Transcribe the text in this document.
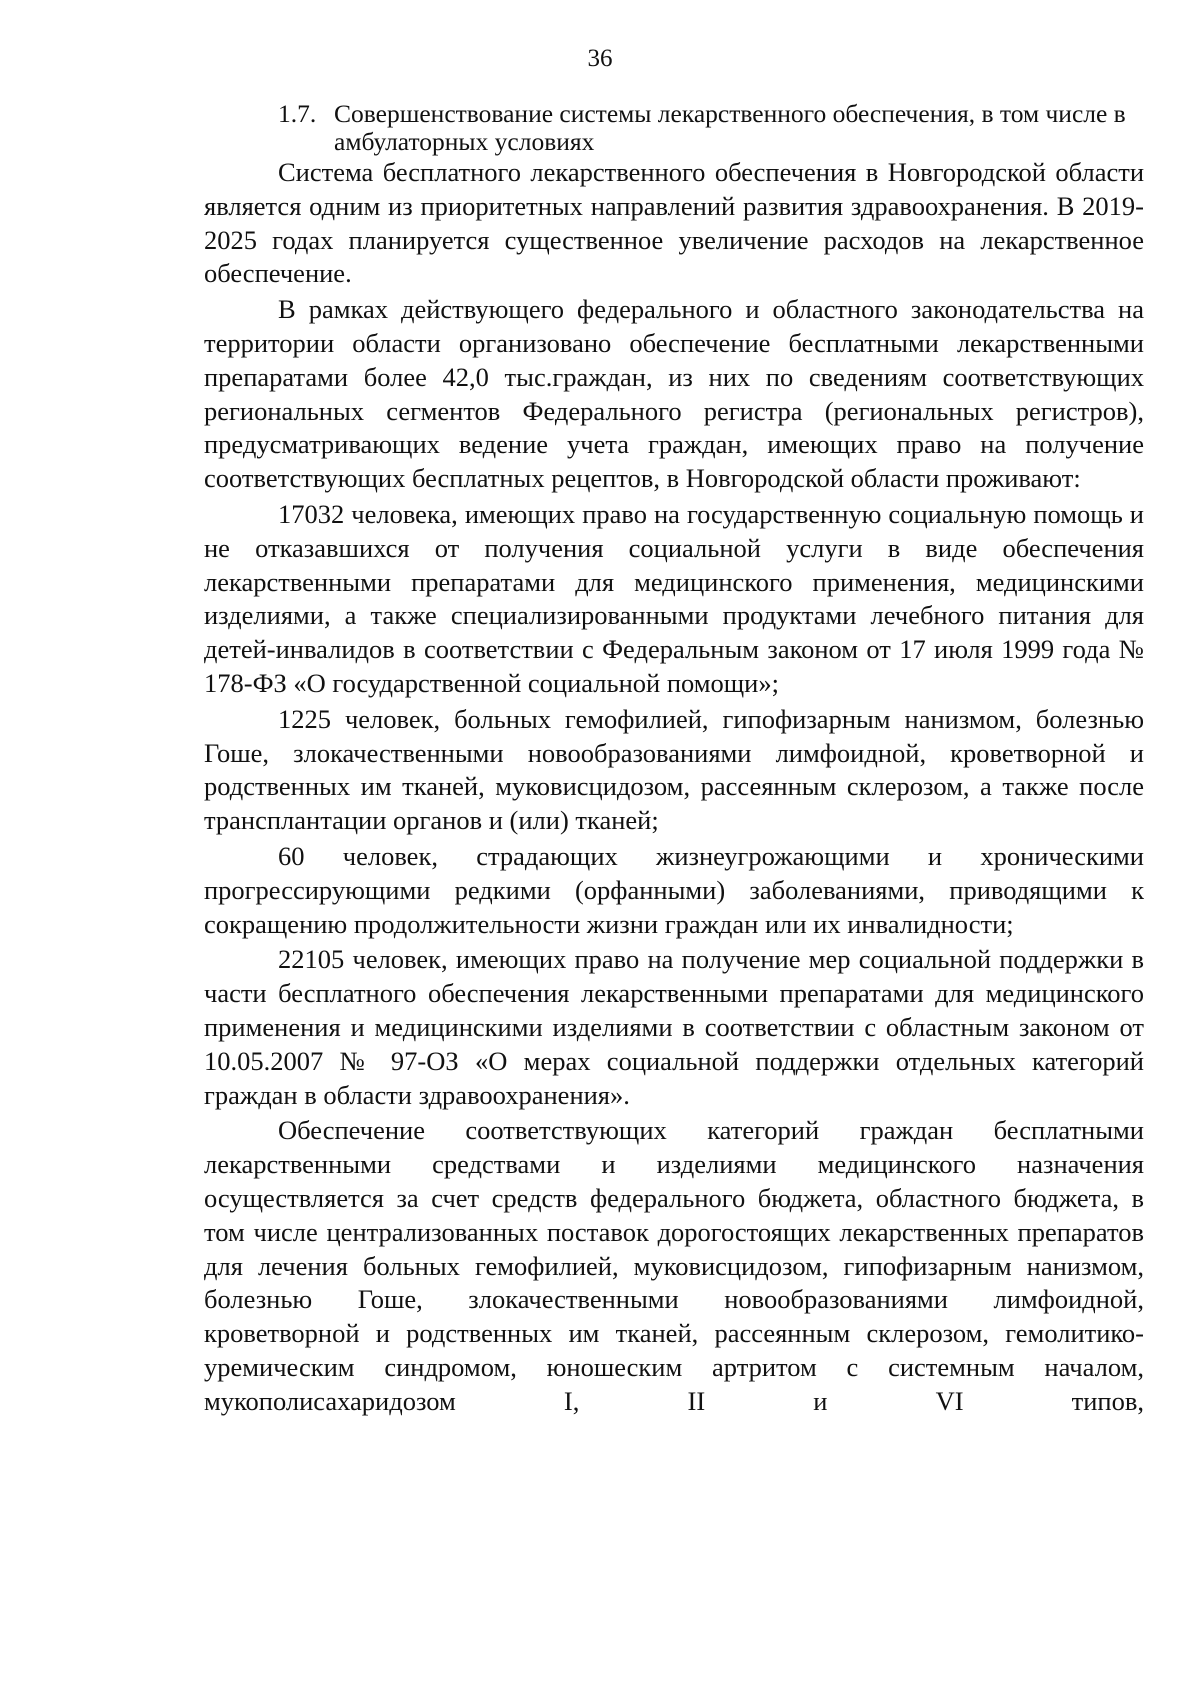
36
1.7. Совершенствование системы лекарственного обеспечения, в том числе в амбулаторных условиях

Система бесплатного лекарственного обеспечения в Новгородской области является одним из приоритетных направлений развития здравоохранения. В 2019-2025 годах планируется существенное увеличение расходов на лекарственное обеспечение.

В рамках действующего федерального и областного законодательства на территории области организовано обеспечение бесплатными лекарственными препаратами более 42,0 тыс.граждан, из них по сведениям соответствующих региональных сегментов Федерального регистра (региональных регистров), предусматривающих ведение учета граждан, имеющих право на получение соответствующих бесплатных рецептов, в Новгородской области проживают:

17032 человека, имеющих право на государственную социальную помощь и не отказавшихся от получения социальной услуги в виде обеспечения лекарственными препаратами для медицинского применения, медицинскими изделиями, а также специализированными продуктами лечебного питания для детей-инвалидов в соответствии с Федеральным законом от 17 июля 1999 года № 178-ФЗ «О государственной социальной помощи»;

1225 человек, больных гемофилией, гипофизарным нанизмом, болезнью Гоше, злокачественными новообразованиями лимфоидной, кроветворной и родственных им тканей, муковисцидозом, рассеянным склерозом, а также после трансплантации органов и (или) тканей;

60 человек, страдающих жизнеугрожающими и хроническими прогрессирующими редкими (орфанными) заболеваниями, приводящими к сокращению продолжительности жизни граждан или их инвалидности;

22105 человек, имеющих право на получение мер социальной поддержки в части бесплатного обеспечения лекарственными препаратами для медицинского применения и медицинскими изделиями в соответствии с областным законом от 10.05.2007 № 97-ОЗ «О мерах социальной поддержки отдельных категорий граждан в области здравоохранения».

Обеспечение соответствующих категорий граждан бесплатными лекарственными средствами и изделиями медицинского назначения осуществляется за счет средств федерального бюджета, областного бюджета, в том числе централизованных поставок дорогостоящих лекарственных препаратов для лечения больных гемофилией, муковисцидозом, гипофизарным нанизмом, болезнью Гоше, злокачественными новообразованиями лимфоидной, кроветворной и родственных им тканей, рассеянным склерозом, гемолитико-уремическим синдромом, юношеским артритом с системным началом, мукополисахаридозом I, II и VI типов,
